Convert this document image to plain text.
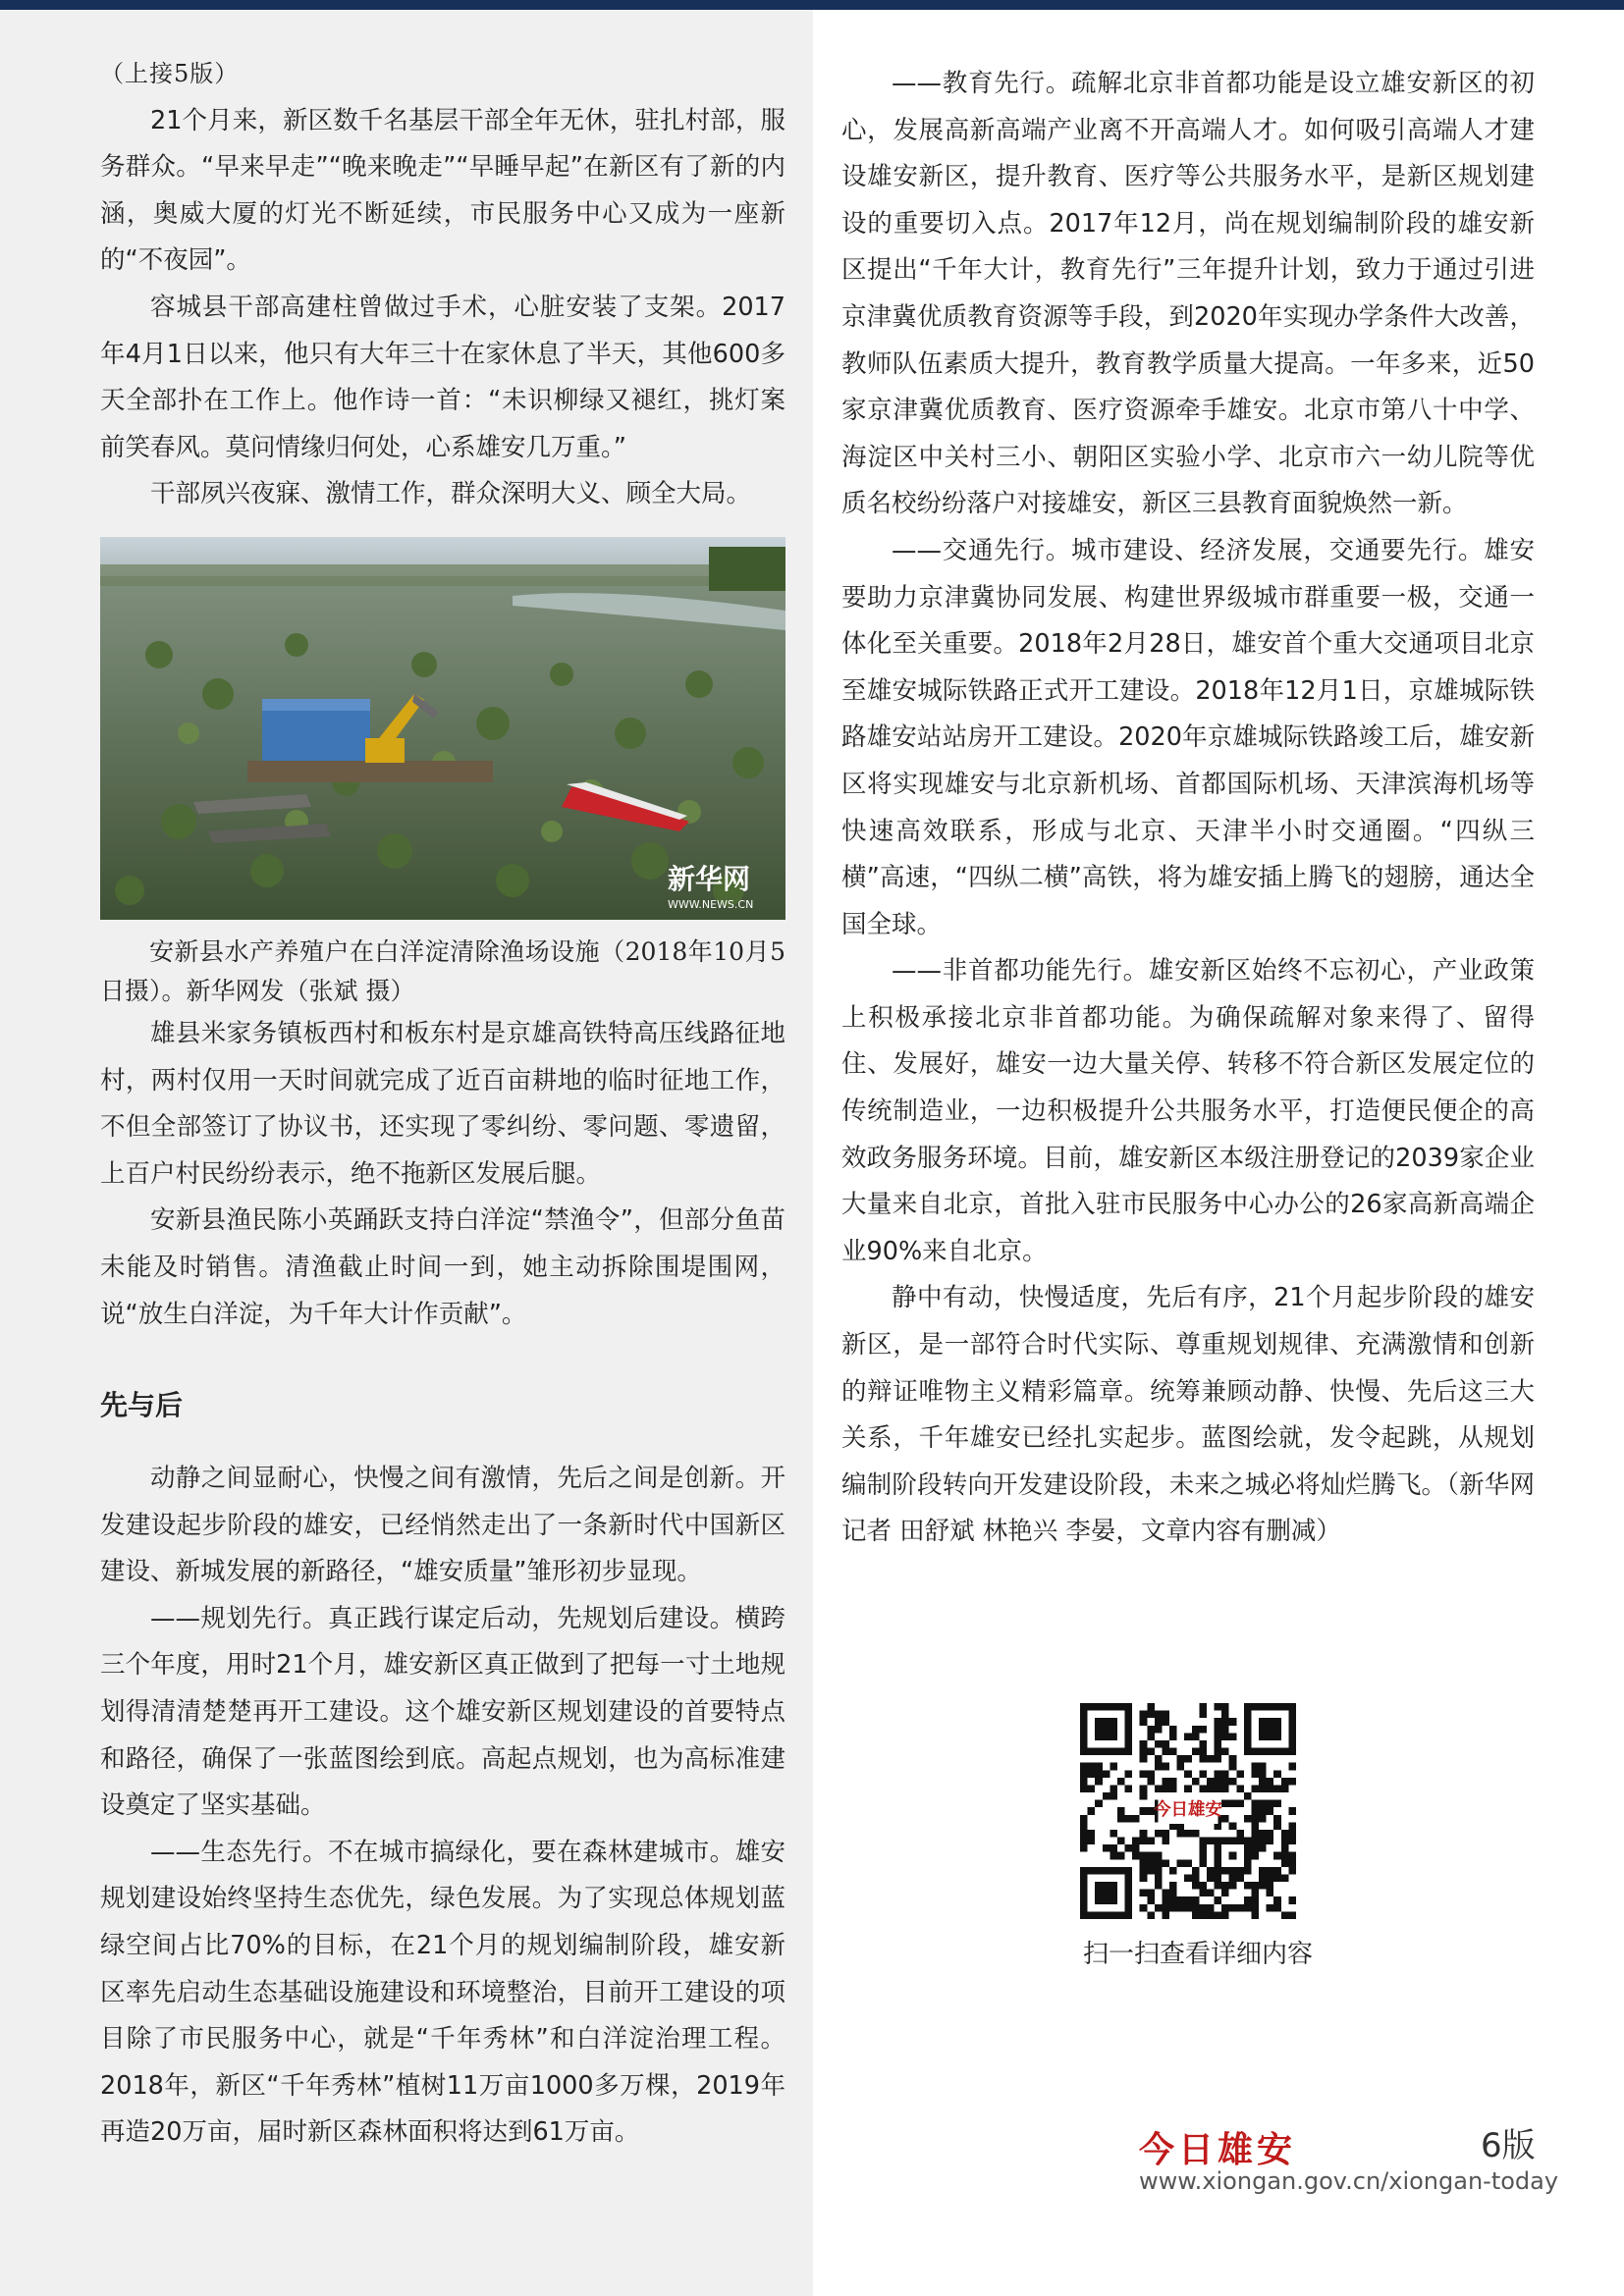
（上接5版）

21个月来，新区数千名基层干部全年无休，驻扎村部，服务群众。“早来早走”“晚来晚走”“早睡早起”在新区有了新的内涵，奥威大厦的灯光不断延续，市民服务中心又成为一座新的“不夜园”。

容城县干部高建柱曾做过手术，心脏安装了支架。2017年4月1日以来，他只有大年三十在家休息了半天，其他600多天全部扑在工作上。他作诗一首：“未识柳绿又褪红，挑灯案前笑春风。莫问情缘归何处，心系雄安几万重。”

干部夙兴夜寐、激情工作，群众深明大义、顾全大局。

新华网
WWW.NEWS.CN
安新县水产养殖户在白洋淀清除渔场设施（2018年10月5日摄）。新华网发（张斌 摄）

雄县米家务镇板西村和板东村是京雄高铁特高压线路征地村，两村仅用一天时间就完成了近百亩耕地的临时征地工作，不但全部签订了协议书，还实现了零纠纷、零问题、零遗留，上百户村民纷纷表示，绝不拖新区发展后腿。

安新县渔民陈小英踊跃支持白洋淀“禁渔令”，但部分鱼苗未能及时销售。清渔截止时间一到，她主动拆除围堤围网，说“放生白洋淀，为千年大计作贡献”。

先与后

动静之间显耐心，快慢之间有激情，先后之间是创新。开发建设起步阶段的雄安，已经悄然走出了一条新时代中国新区建设、新城发展的新路径，“雄安质量”雏形初步显现。

——规划先行。真正践行谋定后动，先规划后建设。横跨三个年度，用时21个月，雄安新区真正做到了把每一寸土地规划得清清楚楚再开工建设。这个雄安新区规划建设的首要特点和路径，确保了一张蓝图绘到底。高起点规划，也为高标准建设奠定了坚实基础。

——生态先行。不在城市搞绿化，要在森林建城市。雄安规划建设始终坚持生态优先，绿色发展。为了实现总体规划蓝绿空间占比70%的目标，在21个月的规划编制阶段，雄安新区率先启动生态基础设施建设和环境整治，目前开工建设的项目除了市民服务中心，就是“千年秀林”和白洋淀治理工程。2018年，新区“千年秀林”植树11万亩1000多万棵，2019年再造20万亩，届时新区森林面积将达到61万亩。

——教育先行。疏解北京非首都功能是设立雄安新区的初心，发展高新高端产业离不开高端人才。如何吸引高端人才建设雄安新区，提升教育、医疗等公共服务水平，是新区规划建设的重要切入点。2017年12月，尚在规划编制阶段的雄安新区提出“千年大计，教育先行”三年提升计划，致力于通过引进京津冀优质教育资源等手段，到2020年实现办学条件大改善，教师队伍素质大提升，教育教学质量大提高。一年多来，近50家京津冀优质教育、医疗资源牵手雄安。北京市第八十中学、海淀区中关村三小、朝阳区实验小学、北京市六一幼儿院等优质名校纷纷落户对接雄安，新区三县教育面貌焕然一新。

——交通先行。城市建设、经济发展，交通要先行。雄安要助力京津冀协同发展、构建世界级城市群重要一极，交通一体化至关重要。2018年2月28日，雄安首个重大交通项目北京至雄安城际铁路正式开工建设。2018年12月1日，京雄城际铁路雄安站站房开工建设。2020年京雄城际铁路竣工后，雄安新区将实现雄安与北京新机场、首都国际机场、天津滨海机场等快速高效联系，形成与北京、天津半小时交通圈。“四纵三横”高速，“四纵二横”高铁，将为雄安插上腾飞的翅膀，通达全国全球。

——非首都功能先行。雄安新区始终不忘初心，产业政策上积极承接北京非首都功能。为确保疏解对象来得了、留得住、发展好，雄安一边大量关停、转移不符合新区发展定位的传统制造业，一边积极提升公共服务水平，打造便民便企的高效政务服务环境。目前，雄安新区本级注册登记的2039家企业大量来自北京，首批入驻市民服务中心办公的26家高新高端企业90%来自北京。

静中有动，快慢适度，先后有序，21个月起步阶段的雄安新区，是一部符合时代实际、尊重规划规律、充满激情和创新的辩证唯物主义精彩篇章。统筹兼顾动静、快慢、先后这三大关系，千年雄安已经扎实起步。蓝图绘就，发令起跳，从规划编制阶段转向开发建设阶段，未来之城必将灿烂腾飞。（新华网记者 田舒斌 林艳兴 李晏，文章内容有删减）

今日雄安
扫一扫查看详细内容
今日雄安	6版
www.xiongan.gov.cn/xiongan-today
